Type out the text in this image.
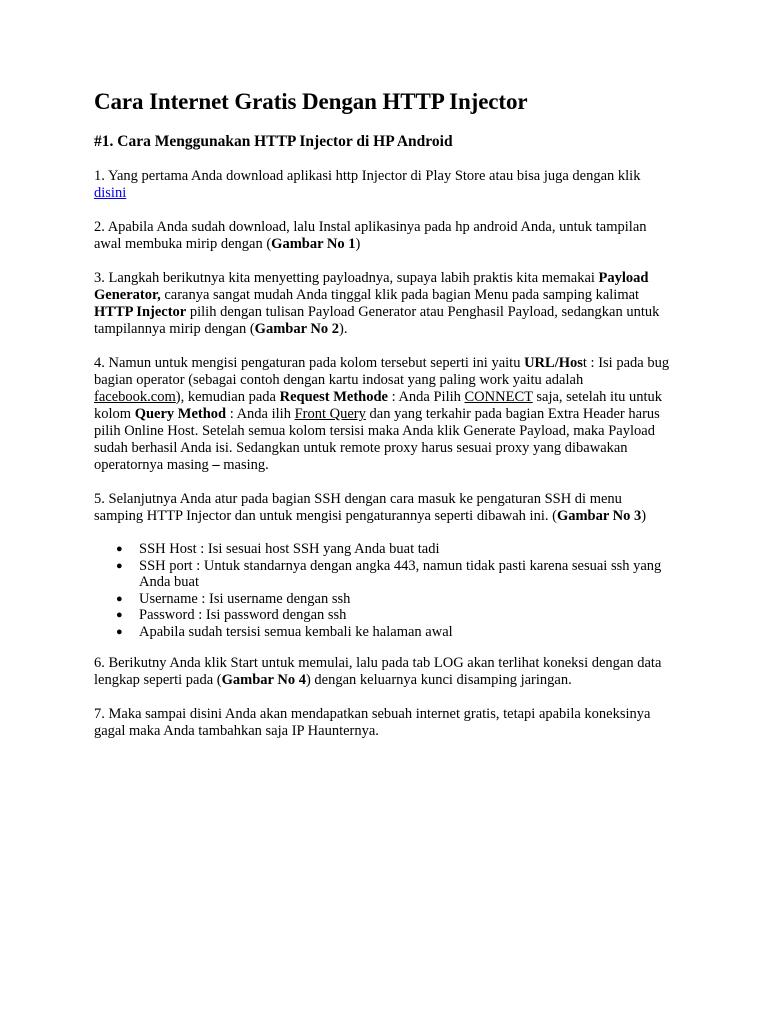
Cara Internet Gratis Dengan HTTP Injector
#1. Cara Menggunakan HTTP Injector di HP Android

1. Yang pertama Anda download aplikasi http Injector di Play Store atau bisa juga dengan klik disini

2. Apabila Anda sudah download, lalu Instal aplikasinya pada hp android Anda, untuk tampilan awal membuka mirip dengan (Gambar No 1)

3. Langkah berikutnya kita menyetting payloadnya, supaya labih praktis kita memakai Payload Generator, caranya sangat mudah Anda tinggal klik pada bagian Menu pada samping kalimat HTTP Injector pilih dengan tulisan Payload Generator atau Penghasil Payload, sedangkan untuk tampilannya mirip dengan (Gambar No 2).

4. Namun untuk mengisi pengaturan pada kolom tersebut seperti ini yaitu URL/Host : Isi pada bug bagian operator (sebagai contoh dengan kartu indosat yang paling work yaitu adalah facebook.com), kemudian pada Request Methode : Anda Pilih CONNECT saja, setelah itu untuk kolom Query Method : Anda ilih Front Query dan yang terkahir pada bagian Extra Header harus pilih Online Host. Setelah semua kolom tersisi maka Anda klik Generate Payload, maka Payload sudah berhasil Anda isi. Sedangkan untuk remote proxy harus sesuai proxy yang dibawakan operatornya masing – masing.

5. Selanjutnya Anda atur pada bagian SSH dengan cara masuk ke pengaturan SSH di menu samping HTTP Injector dan untuk mengisi pengaturannya seperti dibawah ini. (Gambar No 3)

● SSH Host : Isi sesuai host SSH yang Anda buat tadi
● SSH port : Untuk standarnya dengan angka 443, namun tidak pasti karena sesuai ssh yang Anda buat
● Username : Isi username dengan ssh
● Password : Isi password dengan ssh
● Apabila sudah tersisi semua kembali ke halaman awal

6. Berikutny Anda klik Start untuk memulai, lalu pada tab LOG akan terlihat koneksi dengan data lengkap seperti pada (Gambar No 4) dengan keluarnya kunci disamping jaringan.

7. Maka sampai disini Anda akan mendapatkan sebuah internet gratis, tetapi apabila koneksinya gagal maka Anda tambahkan saja IP Haunternya.
